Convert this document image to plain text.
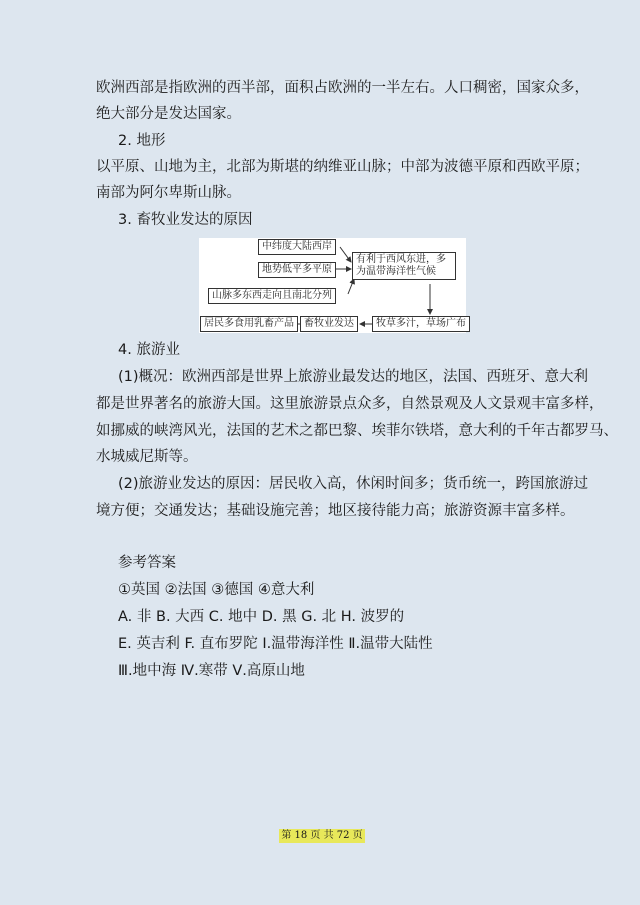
欧洲西部是指欧洲的西半部，面积占欧洲的一半左右。人口稠密，国家众多，
绝大部分是发达国家。
2. 地形
以平原、山地为主，北部为斯堪的纳维亚山脉；中部为波德平原和西欧平原；
南部为阿尔卑斯山脉。
3. 畜牧业发达的原因
中纬度大陆西岸
地势低平多平原
山脉多东西走向且南北分列
有利于西风东进，多
为温带海洋性气候
牧草多汁，草场广布
畜牧业发达
居民多食用乳畜产品
4. 旅游业
(1)概况：欧洲西部是世界上旅游业最发达的地区，法国、西班牙、意大利
都是世界著名的旅游大国。这里旅游景点众多，自然景观及人文景观丰富多样，
如挪威的峡湾风光，法国的艺术之都巴黎、埃菲尔铁塔，意大利的千年古都罗马、
水城威尼斯等。
(2)旅游业发达的原因：居民收入高，休闲时间多；货币统一，跨国旅游过
境方便；交通发达；基础设施完善；地区接待能力高；旅游资源丰富多样。
参考答案
①英国 ②法国 ③德国 ④意大利
A. 非 B. 大西 C. 地中 D. 黑 G. 北 H. 波罗的
E. 英吉利 F. 直布罗陀 Ⅰ.温带海洋性 Ⅱ.温带大陆性
Ⅲ.地中海 Ⅳ.寒带 Ⅴ.高原山地
第 18 页 共 72 页
